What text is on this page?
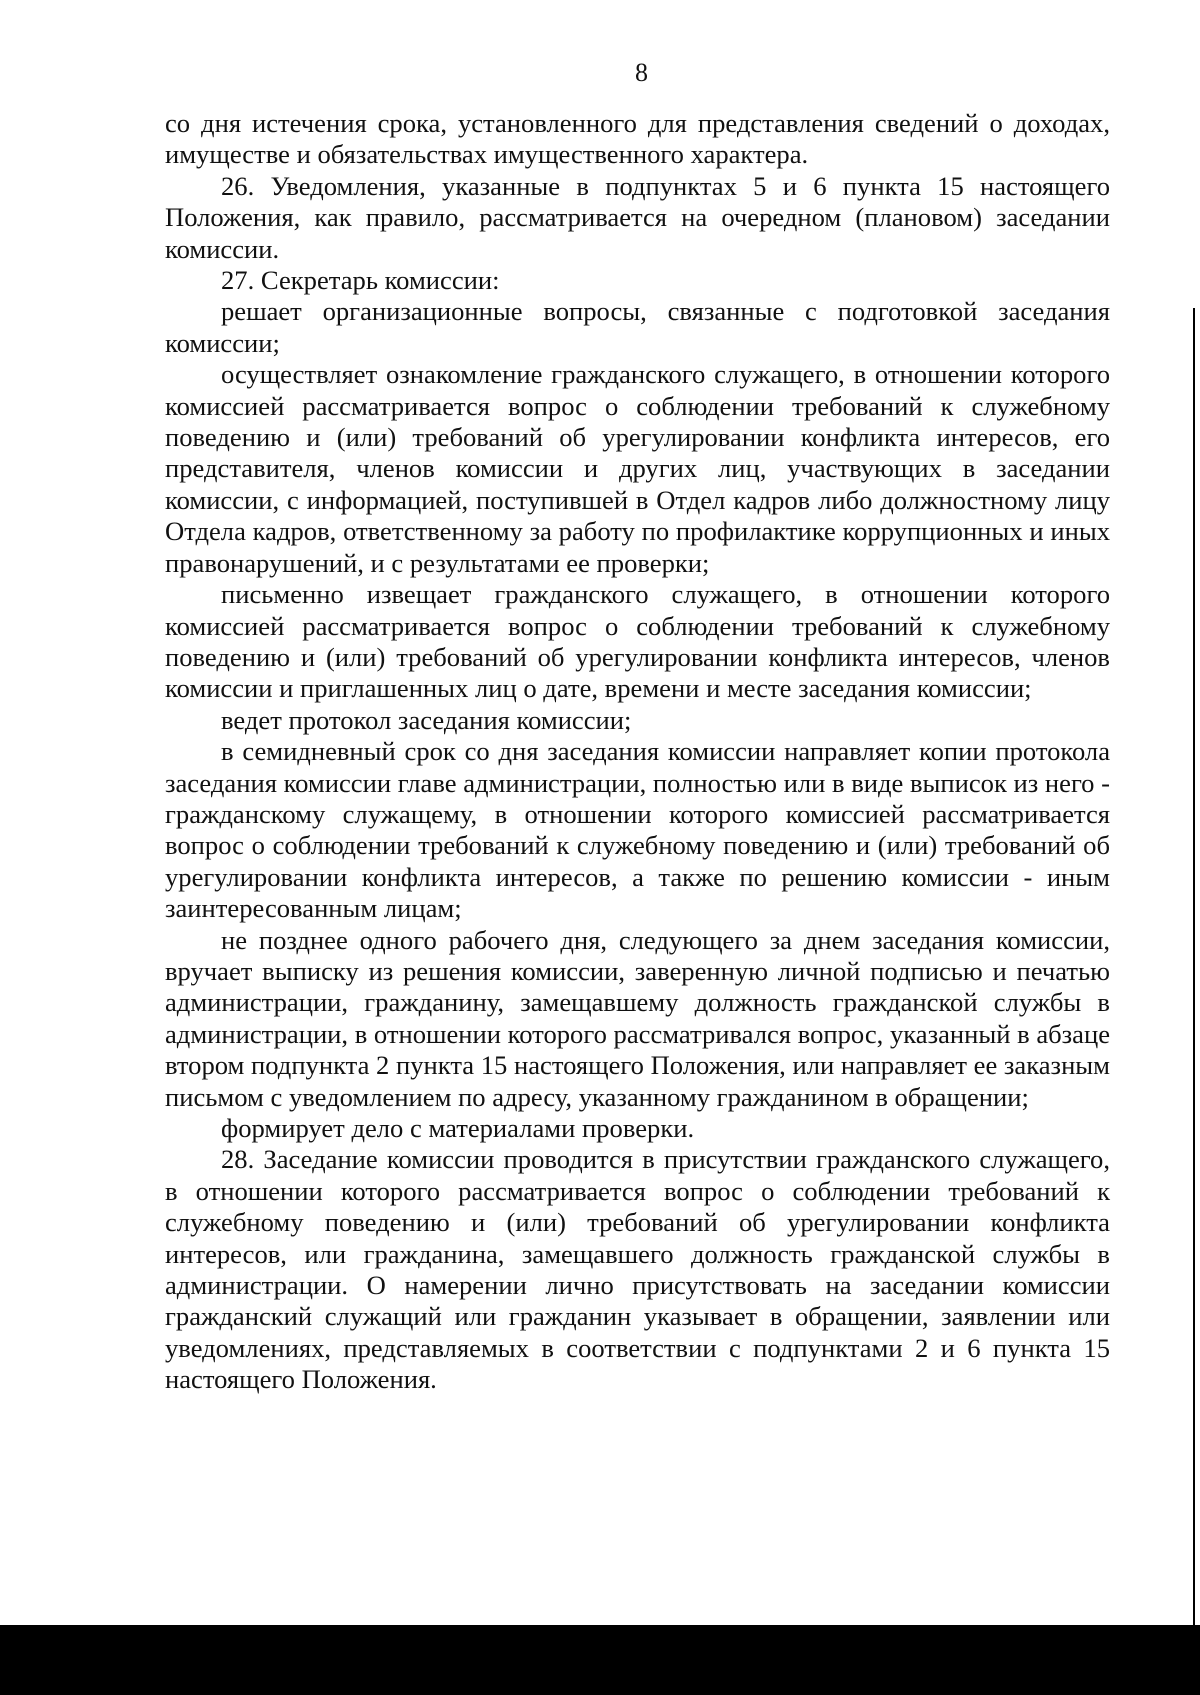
8

со дня истечения срока, установленного для представления сведений о доходах, имуществе и обязательствах имущественного характера.

26. Уведомления, указанные в подпунктах 5 и 6 пункта 15 настоящего Положения, как правило, рассматривается на очередном (плановом) заседании комиссии.

27. Секретарь комиссии:

решает организационные вопросы, связанные с подготовкой заседания комиссии;

осуществляет ознакомление гражданского служащего, в отношении которого комиссией рассматривается вопрос о соблюдении требований к служебному поведению и (или) требований об урегулировании конфликта интересов, его представителя, членов комиссии и других лиц, участвующих в заседании комиссии, с информацией, поступившей в Отдел кадров либо должностному лицу Отдела кадров, ответственному за работу по профилактике коррупционных и иных правонарушений, и с результатами ее проверки;

письменно извещает гражданского служащего, в отношении которого комиссией рассматривается вопрос о соблюдении требований к служебному поведению и (или) требований об урегулировании конфликта интересов, членов комиссии и приглашенных лиц о дате, времени и месте заседания комиссии;

ведет протокол заседания комиссии;

в семидневный срок со дня заседания комиссии направляет копии протокола заседания комиссии главе администрации, полностью или в виде выписок из него - гражданскому служащему, в отношении которого комиссией рассматривается вопрос о соблюдении требований к служебному поведению и (или) требований об урегулировании конфликта интересов, а также по решению комиссии - иным заинтересованным лицам;

не позднее одного рабочего дня, следующего за днем заседания комиссии, вручает выписку из решения комиссии, заверенную личной подписью и печатью администрации, гражданину, замещавшему должность гражданской службы в администрации, в отношении которого рассматривался вопрос, указанный в абзаце втором подпункта 2 пункта 15 настоящего Положения, или направляет ее заказным письмом с уведомлением по адресу, указанному гражданином в обращении;

формирует дело с материалами проверки.

28. Заседание комиссии проводится в присутствии гражданского служащего, в отношении которого рассматривается вопрос о соблюдении требований к служебному поведению и (или) требований об урегулировании конфликта интересов, или гражданина, замещавшего должность гражданской службы в администрации. О намерении лично присутствовать на заседании комиссии гражданский служащий или гражданин указывает в обращении, заявлении или уведомлениях, представляемых в соответствии с подпунктами 2 и 6 пункта 15 настоящего Положения.
